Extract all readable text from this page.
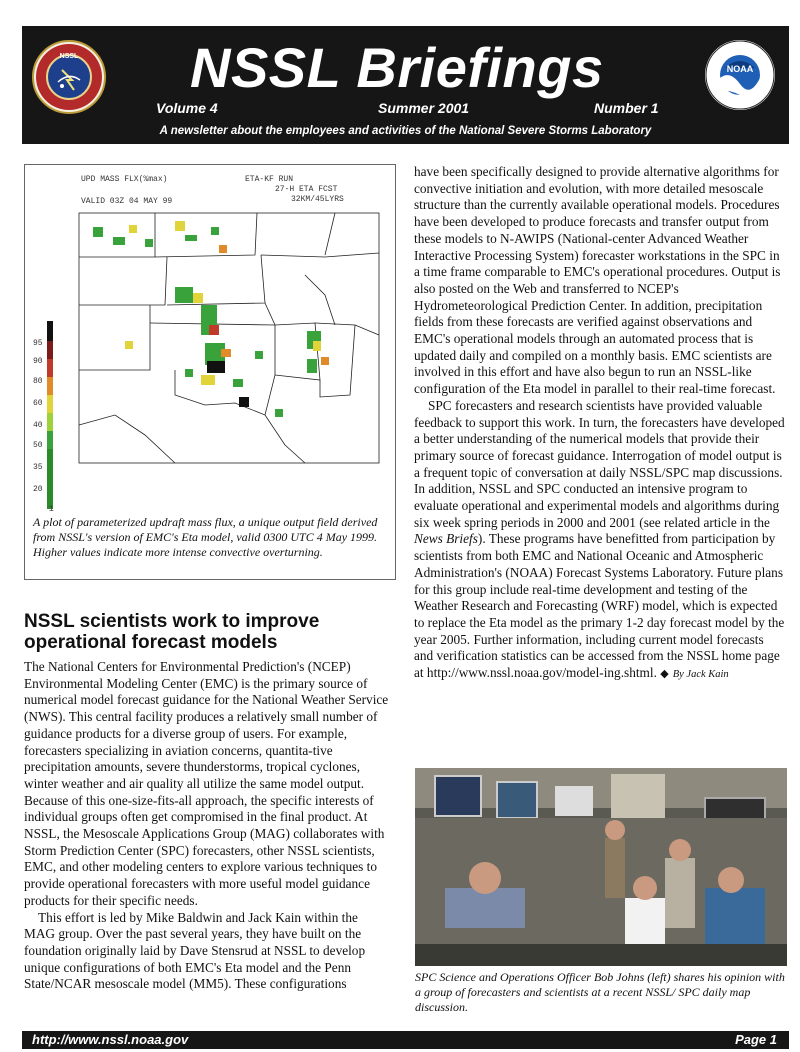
NSSL NSSL Briefings
Volume 4	Summer 2001	Number 1
NOAA
A newsletter about the employees and activities of the National Severe Storms Laboratory
UPD MASS FLX(%max)
VALID 03Z 04 MAY 99
ETA-KF RUN
27-H ETA FCST
32KM/45LYRS
95
90
80
60
40
50
35
20
1
A plot of parameterized updraft mass flux, a unique output field derived from NSSL's version of EMC's Eta model, valid 0300 UTC 4 May 1999. Higher values indicate more intense convective overturning.
NSSL scientists work to improve operational forecast models

The National Centers for Environmental Prediction's (NCEP) Environmental Modeling Center (EMC) is the primary source of numerical model forecast guidance for the National Weather Service (NWS). This central facility produces a relatively small number of guidance products for a diverse group of users. For example, forecasters specializing in aviation concerns, quantita-tive precipitation amounts, severe thunderstorms, tropical cyclones, winter weather and air quality all utilize the same model output. Because of this one-size-fits-all approach, the specific interests of individual groups often get compromised in the final product. At NSSL, the Mesoscale Applications Group (MAG) collaborates with Storm Prediction Center (SPC) forecasters, other NSSL scientists, EMC, and other modeling centers to explore various techniques to provide operational forecasters with more useful model guidance products for their specific needs.

This effort is led by Mike Baldwin and Jack Kain within the MAG group. Over the past several years, they have built on the foundation originally laid by Dave Stensrud at NSSL to develop unique configurations of both EMC's Eta model and the Penn State/NCAR mesoscale model (MM5). These configurations

have been specifically designed to provide alternative algorithms for convective initiation and evolution, with more detailed mesoscale structure than the currently available operational models. Procedures have been developed to produce forecasts and transfer output from these models to N-AWIPS (National-center Advanced Weather Interactive Processing System) forecaster workstations in the SPC in a time frame comparable to EMC's operational procedures. Output is also posted on the Web and transferred to NCEP's Hydrometeorological Prediction Center. In addition, precipitation fields from these forecasts are verified against observations and EMC's operational models through an automated process that is updated daily and compiled on a monthly basis. EMC scientists are involved in this effort and have also begun to run an NSSL-like configuration of the Eta model in parallel to their real-time forecast.

SPC forecasters and research scientists have provided valuable feedback to support this work. In turn, the forecasters have developed a better understanding of the numerical models that provide their primary source of forecast guidance. Interrogation of model output is a frequent topic of conversation at daily NSSL/SPC map discussions. In addition, NSSL and SPC conducted an intensive program to evaluate operational and experimental models and algorithms during six week spring periods in 2000 and 2001 (see related article in the News Briefs). These programs have benefitted from participation by scientists from both EMC and National Oceanic and Atmospheric Administration's (NOAA) Forecast Systems Laboratory. Future plans for this group include real-time development and testing of the Weather Research and Forecasting (WRF) model, which is expected to replace the Eta model as the primary 1-2 day forecast model by the year 2005. Further information, including current model forecasts and verification statistics can be accessed from the NSSL home page at http://www.nssl.noaa.gov/model-ing.shtml. ◆ By Jack Kain

SPC Science and Operations Officer Bob Johns (left) shares his opinion with a group of forecasters and scientists at a recent NSSL/ SPC daily map discussion.
http://www.nssl.noaa.gov	Page 1
